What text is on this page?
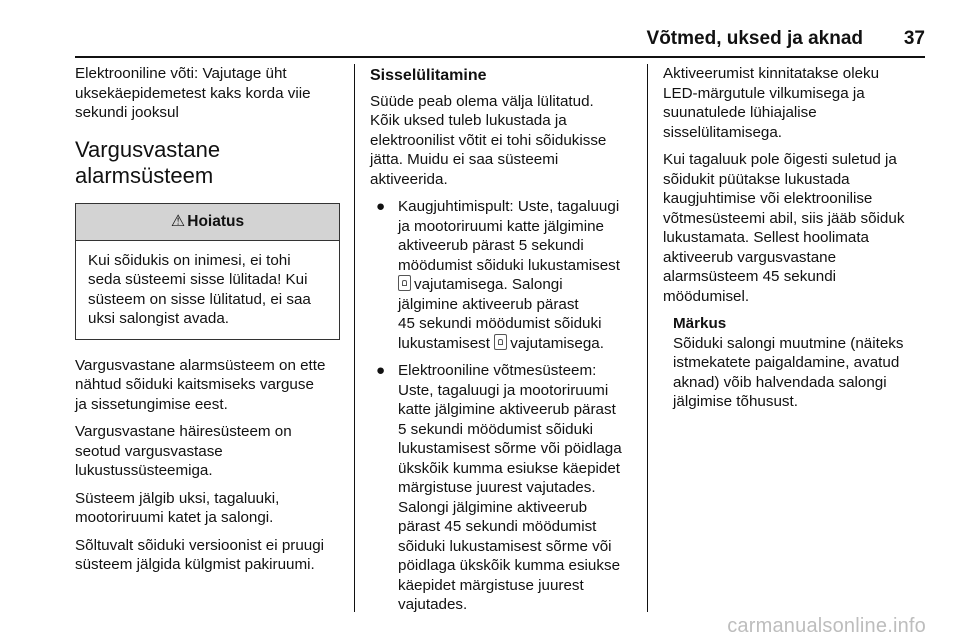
Võtmed, uksed ja aknad 37

Elektrooniline võti: Vajutage üht
uksekäepidemetest kaks korda viie
sekundi jooksul

Vargusvastane
alarmsüsteem
⚠ Hoiatus
Kui sõidukis on inimesi, ei tohi
seda süsteemi sisse lülitada! Kui
süsteem on sisse lülitatud, ei saa
uksi salongist avada.

Vargusvastane alarmsüsteem on ette
nähtud sõiduki kaitsmiseks varguse
ja sissetungimise eest.

Vargusvastane häiresüsteem on
seotud vargusvastase
lukustussüsteemiga.

Süsteem jälgib uksi, tagaluuki,
mootoriruumi katet ja salongi.

Sõltuvalt sõiduki versioonist ei pruugi
süsteem jälgida külgmist pakiruumi.

Sisselülitamine

Süüde peab olema välja lülitatud.
Kõik uksed tuleb lukustada ja
elektroonilist võtit ei tohi sõidukisse
jätta. Muidu ei saa süsteemi
aktiveerida.

● Kaugjuhtimispult: Uste, tagaluugi
ja mootoriruumi katte jälgimine
aktiveerub pärast 5 sekundi
möödumist sõiduki lukustamisest
vajutamisega. Salongi
jälgimine aktiveerub pärast
45 sekundi möödumist sõiduki
lukustamisest vajutamisega.
● Elektrooniline võtmesüsteem:
Uste, tagaluugi ja mootoriruumi
katte jälgimine aktiveerub pärast
5 sekundi möödumist sõiduki
lukustamisest sõrme või pöidlaga
ükskõik kumma esiukse käepidet
märgistuse juurest vajutades.
Salongi jälgimine aktiveerub
pärast 45 sekundi möödumist
sõiduki lukustamisest sõrme või
pöidlaga ükskõik kumma esiukse
käepidet märgistuse juurest
vajutades.

Aktiveerumist kinnitatakse oleku
LED-märgutule vilkumisega ja
suunatulede lühiajalise
sisselülitamisega.

Kui tagaluuk pole õigesti suletud ja
sõidukit püütakse lukustada
kaugjuhtimise või elektroonilise
võtmesüsteemi abil, siis jääb sõiduk
lukustamata. Sellest hoolimata
aktiveerub vargusvastane
alarmsüsteem 45 sekundi
möödumisel.

Märkus
Sõiduki salongi muutmine (näiteks
istmekatete paigaldamine, avatud
aknad) võib halvendada salongi
jälgimise tõhusust.
carmanualsonline.info
